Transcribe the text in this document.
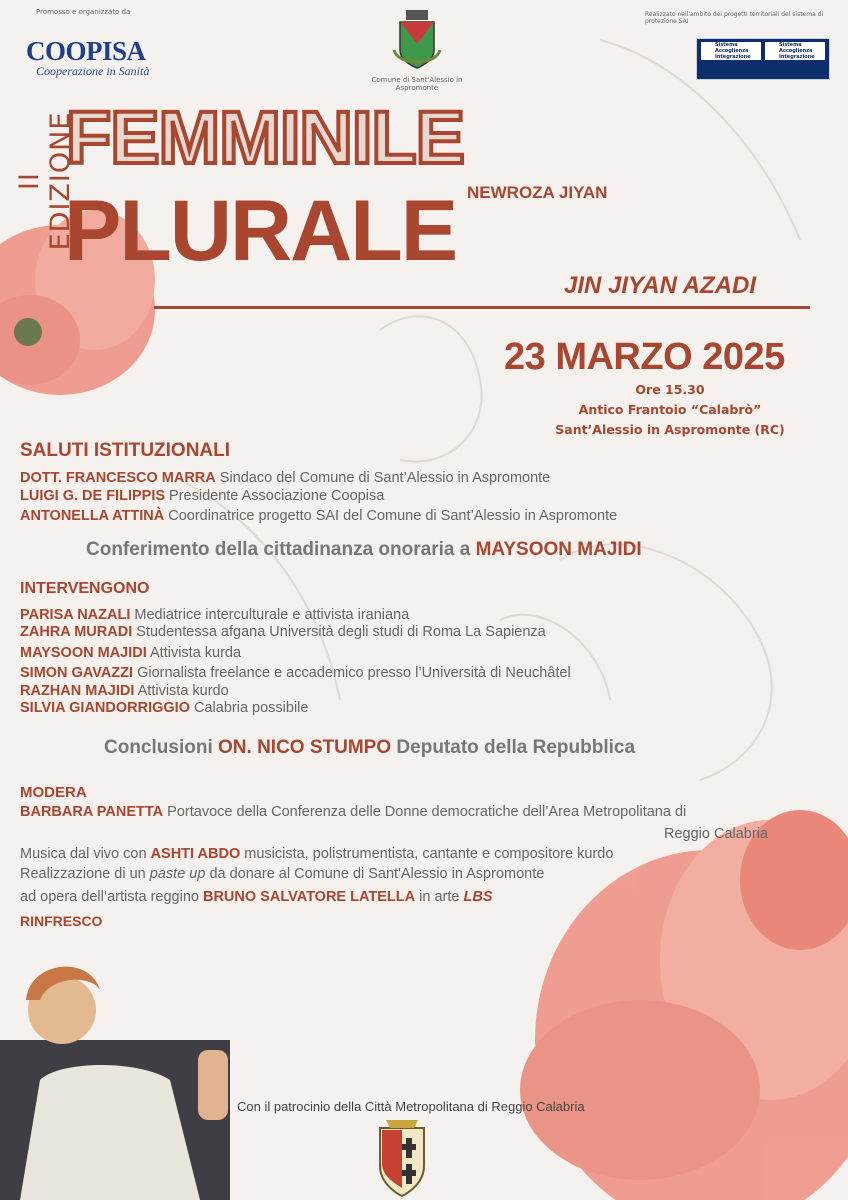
Promosso e organizzato da
COOPISA
Cooperazione in Sanità
Comune di Sant'Alessio in Aspromonte
Realizzato nell'ambito dei progetti territoriali del sistema di protezione SAI
Sistema Accoglienza Integrazione
Sistema Accoglienza Integrazione
II EDIZIONE
FEMMINILE
NEWROZA JIYAN
PLURALE
JIN JIYAN AZADI
23 MARZO 2025
Ore 15.30
Antico Frantoio “Calabrò”
Sant’Alessio in Aspromonte (RC)
SALUTI ISTITUZIONALI
DOTT. FRANCESCO MARRA Sindaco del Comune di Sant’Alessio in Aspromonte
LUIGI G. DE FILIPPIS Presidente Associazione Coopisa
ANTONELLA ATTINÀ Coordinatrice progetto SAI del Comune di Sant’Alessio in Aspromonte
Conferimento della cittadinanza onoraria a MAYSOON MAJIDI
INTERVENGONO
PARISA NAZALI Mediatrice interculturale e attivista iraniana
ZAHRA MURADI Studentessa afgana Università degli studi di Roma La Sapienza
MAYSOON MAJIDI Attivista kurda
SIMON GAVAZZI Giornalista freelance e accademico presso l’Università di Neuchâtel
RAZHAN MAJIDI Attivista kurdo
SILVIA GIANDORRIGGIO Calabria possibile
Conclusioni ON. NICO STUMPO Deputato della Repubblica
MODERA
BARBARA PANETTA Portavoce della Conferenza delle Donne democratiche dell’Area Metropolitana di
Reggio Calabria
Musica dal vivo con ASHTI ABDO musicista, polistrumentista, cantante e compositore kurdo
Realizzazione di un paste up da donare al Comune di Sant'Alessio in Aspromonte
ad opera dell’artista reggino BRUNO SALVATORE LATELLA in arte LBS
RINFRESCO
Con il patrocinio della Città Metropolitana di Reggio Calabria
